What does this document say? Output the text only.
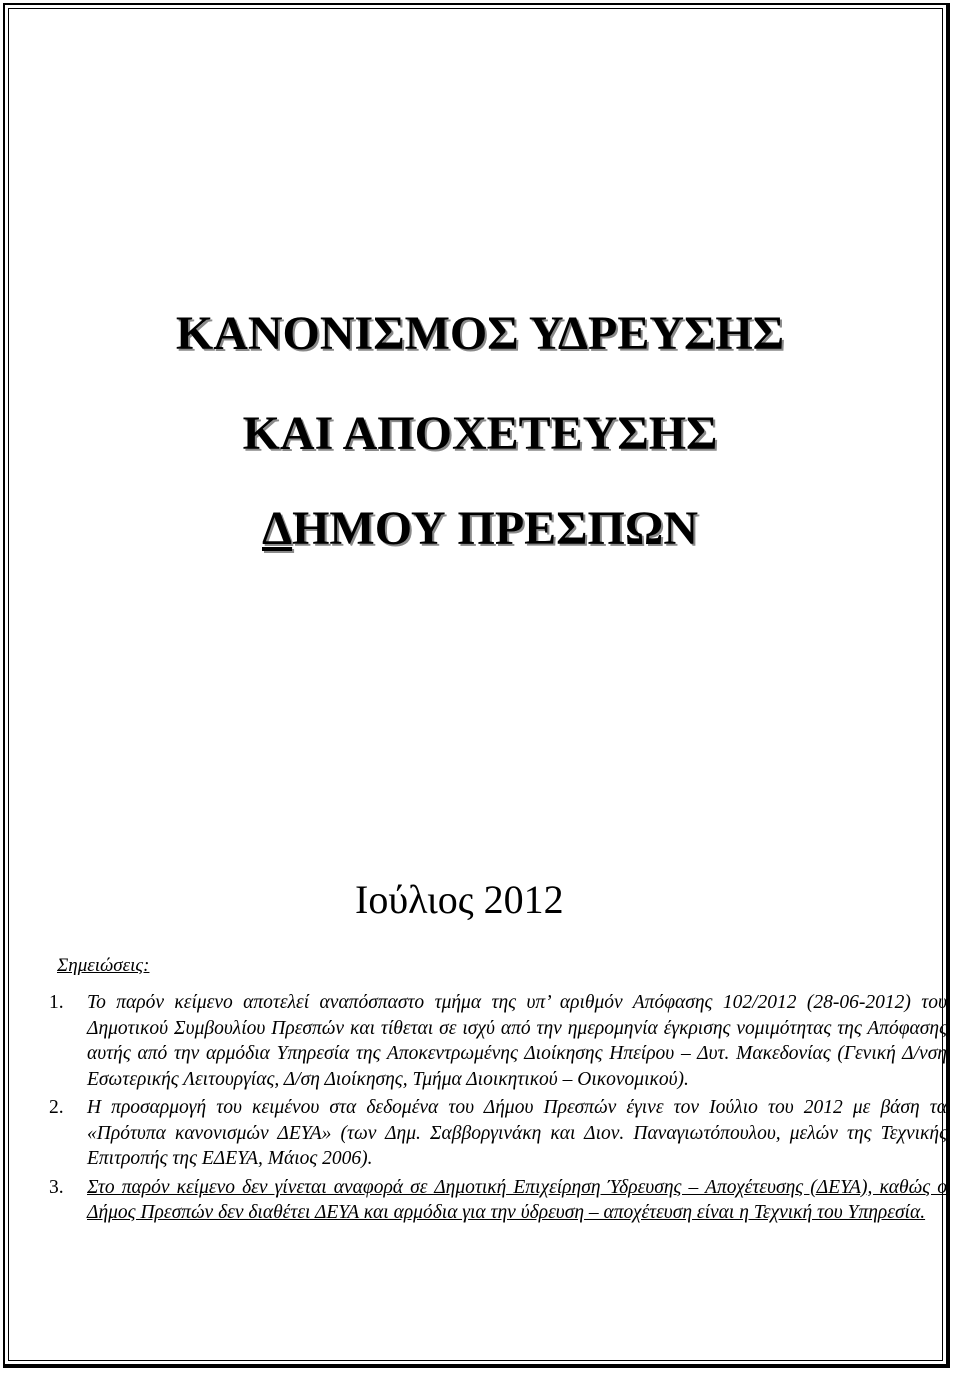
ΚΑΝΟΝΙΣΜΟΣ ΥΔΡΕΥΣΗΣ
ΚΑΙ ΑΠΟΧΕΤΕΥΣΗΣ
ΔΗΜΟΥ ΠΡΕΣΠΩΝ
Ιούλιος 2012
Σημειώσεις:
1.	Το παρόν κείμενο αποτελεί αναπόσπαστο τμήμα της υπ’ αριθμόν Απόφασης 102/2012 (28-06-2012) του Δημοτικού Συμβουλίου Πρεσπών και τίθεται σε ισχύ από την ημερομηνία έγκρισης νομιμότητας της Απόφασης αυτής από την αρμόδια Υπηρεσία της Αποκεντρωμένης Διοίκησης Ηπείρου – Δυτ. Μακεδονίας (Γενική Δ/νση Εσωτερικής Λειτουργίας, Δ/ση Διοίκησης, Τμήμα Διοικητικού – Οικονομικού).
2.	Η προσαρμογή του κειμένου στα δεδομένα του Δήμου Πρεσπών έγινε τον Ιούλιο του 2012 με βάση τα «Πρότυπα κανονισμών ΔΕΥΑ» (των Δημ. Σαββοργινάκη και Διον. Παναγιωτόπουλου, μελών της Τεχνικής Επιτροπής της ΕΔΕΥΑ, Μάιος 2006).
3.	Στο παρόν κείμενο δεν γίνεται αναφορά σε Δημοτική Επιχείρηση Ύδρευσης – Αποχέτευσης (ΔΕΥΑ), καθώς ο Δήμος Πρεσπών δεν διαθέτει ΔΕΥΑ και αρμόδια για την ύδρευση – αποχέτευση είναι η Τεχνική του Υπηρεσία.
